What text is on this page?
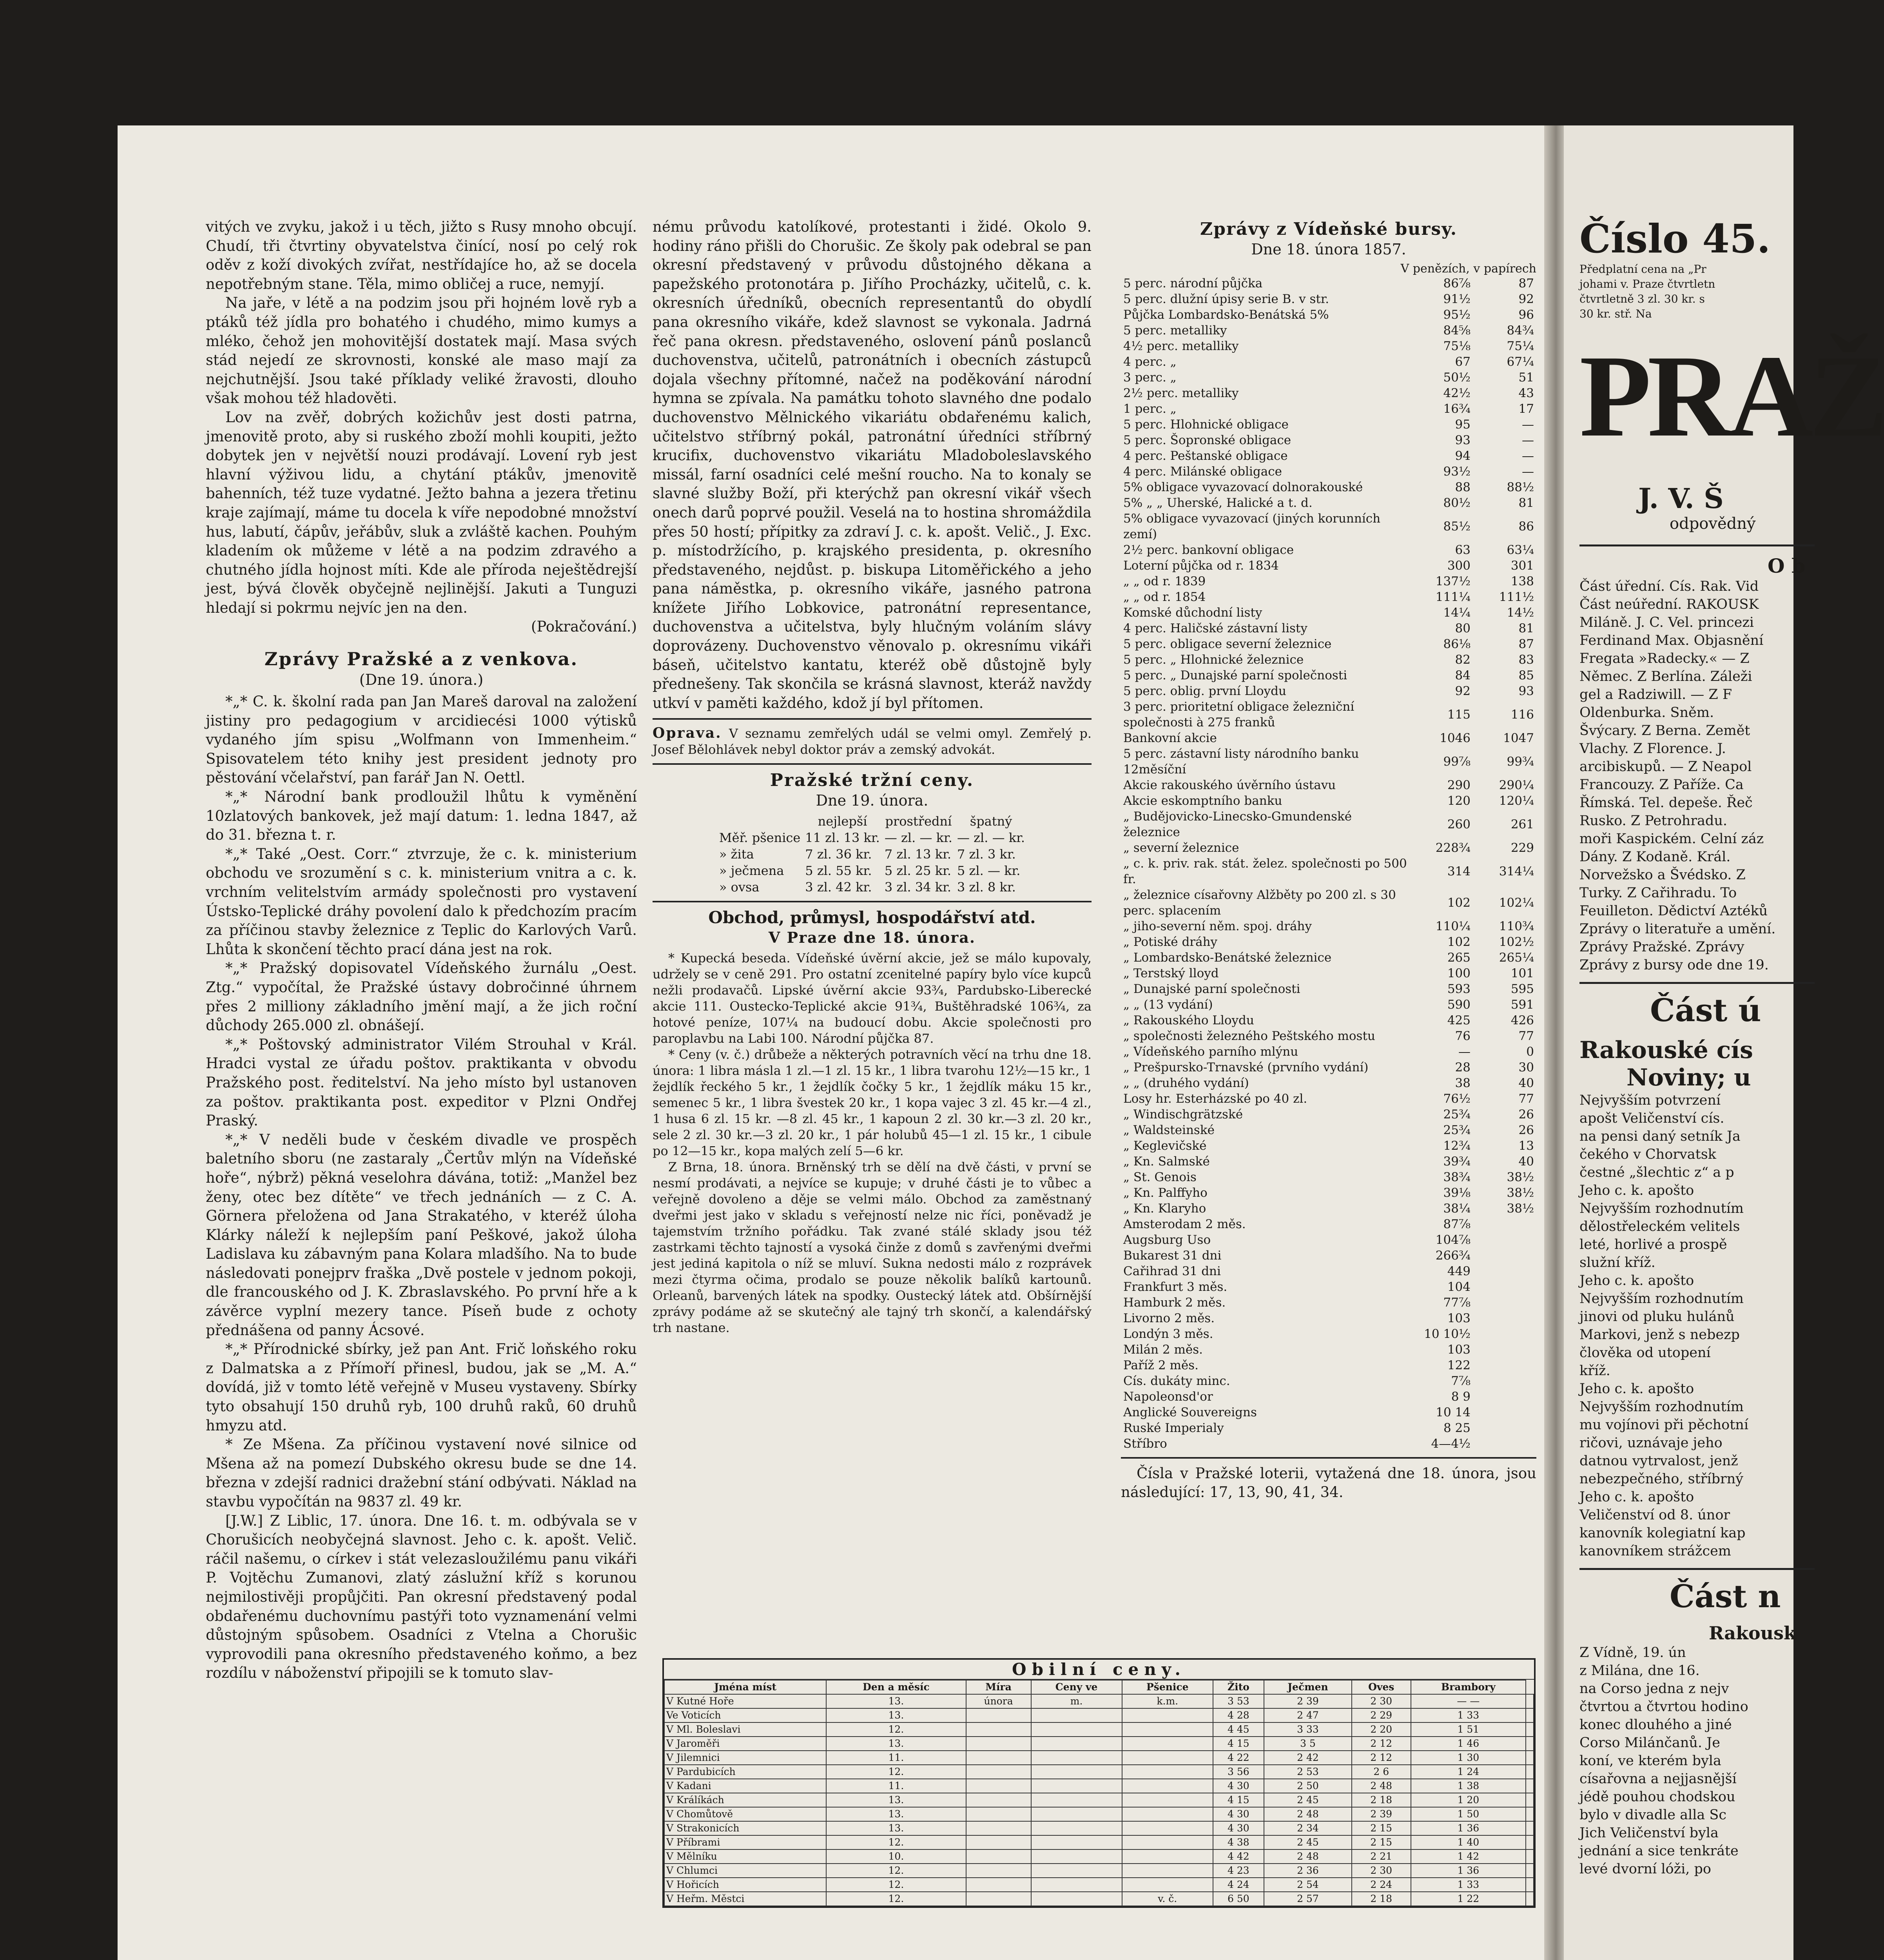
vitých ve zvyku, jakož i u těch, jižto s Rusy mnoho obcují. Chudí, tři čtvrtiny obyvatelstva činící, nosí po celý rok oděv z koží divokých zvířat, nestřídajíce ho, až se docela nepotřebným stane. Těla, mimo obličej a ruce, nemyjí.

Na jaře, v létě a na podzim jsou při hojném lově ryb a ptáků též jídla pro bohatého i chudého, mimo kumys a mléko, čehož jen mohovitější dostatek mají. Masa svých stád nejedí ze skrovnosti, konské ale maso mají za nejchutnější. Jsou také příklady veliké žravosti, dlouho však mohou též hladověti.

Lov na zvěř, dobrých kožichův jest dosti patrna, jmenovitě proto, aby si ruského zboží mohli koupiti, ježto dobytek jen v největší nouzi prodávají. Lovení ryb jest hlavní výživou lidu, a chytání ptákův, jmenovitě bahenních, též tuze vydatné. Ježto bahna a jezera třetinu kraje zajímají, máme tu docela k víře nepodobné množství hus, labutí, čápův, jeřábův, sluk a zvláště kachen. Pouhým kladením ok můžeme v létě a na podzim zdravého a chutného jídla hojnost míti. Kde ale příroda neještědrejší jest, bývá člověk obyčejně nejlinější. Jakuti a Tunguzi hledají si pokrmu nejvíc jen na den.

(Pokračování.)

Zprávy Pražské a z venkova.
(Dne 19. února.)

*„* C. k. školní rada pan Jan Mareš daroval na založení jistiny pro pedagogium v arcidiecési 1000 výtisků vydaného jím spisu „Wolfmann von Immenheim.“ Spisovatelem této knihy jest president jednoty pro pěstování včelařství, pan farář Jan N. Oettl.

*„* Národní bank prodloužil lhůtu k vyměnění 10zlatových bankovek, jež mají datum: 1. ledna 1847, až do 31. března t. r.

*„* Také „Oest. Corr.“ ztvrzuje, že c. k. ministerium obchodu ve srozumění s c. k. ministerium vnitra a c. k. vrchním velitelstvím armády společnosti pro vystavení Ústsko-Teplické dráhy povolení dalo k předchozím pracím za příčinou stavby železnice z Teplic do Karlových Varů. Lhůta k skončení těchto prací dána jest na rok.

*„* Pražský dopisovatel Vídeňského žurnálu „Oest. Ztg.“ vypočítal, že Pražské ústavy dobročinné úhrnem přes 2 milliony základního jmění mají, a že jich roční důchody 265.000 zl. obnášejí.

*„* Poštovský administrator Vilém Strouhal v Král. Hradci vystal ze úřadu poštov. praktikanta v obvodu Pražského post. ředitelství. Na jeho místo byl ustanoven za poštov. praktikanta post. expeditor v Plzni Ondřej Praský.

*„* V neděli bude v českém divadle ve prospěch baletního sboru (ne zastaraly „Čertův mlýn na Vídeňské hoře“, nýbrž) pěkná veselohra dávána, totiž: „Manžel bez ženy, otec bez dítěte“ ve třech jednáních — z C. A. Görnera přeložena od Jana Strakatého, v kteréž úloha Klárky náleží k nejlepším paní Peškové, jakož úloha Ladislava ku zábavným pana Kolara mladšího. Na to bude následovati ponejprv fraška „Dvě postele v jednom pokoji, dle francouského od J. K. Zbraslavského. Po první hře a k závěrce vyplní mezery tance. Píseň bude z ochoty přednášena od panny Ácsové.

*„* Přírodnické sbírky, jež pan Ant. Frič loňského roku z Dalmatska a z Přímoří přinesl, budou, jak se „M. A.“ dovídá, již v tomto létě veřejně v Museu vystaveny. Sbírky tyto obsahují 150 druhů ryb, 100 druhů raků, 60 druhů hmyzu atd.

* Ze Mšena. Za příčinou vystavení nové silnice od Mšena až na pomezí Dubského okresu bude se dne 14. března v zdejší radnici dražební stání odbývati. Náklad na stavbu vypočítán na 9837 zl. 49 kr.

[J.W.] Z Liblic, 17. února. Dne 16. t. m. odbývala se v Chorušicích neobyčejná slavnost. Jeho c. k. apošt. Velič. ráčil našemu, o církev i stát velezasloužilému panu vikáři P. Vojtěchu Zumanovi, zlatý záslužní kříž s korunou nejmilostivěji propůjčiti. Pan okresní představený podal obdařenému duchovnímu pastýři toto vyznamenání velmi důstojným spůsobem. Osadníci z Vtelna a Chorušic vyprovodili pana okresního představeného koňmo, a bez rozdílu v náboženství připojili se k tomuto slav-

nému průvodu katolíkové, protestanti i židé. Okolo 9. hodiny ráno přišli do Chorušic. Ze školy pak odebral se pan okresní představený v průvodu důstojného děkana a papežského protonotára p. Jiřího Procházky, učitelů, c. k. okresních úředníků, obecních representantů do obydlí pana okresního vikáře, kdež slavnost se vykonala. Jadrná řeč pana okresn. představeného, oslovení pánů poslanců duchovenstva, učitelů, patronátních i obecních zástupců dojala všechny přítomné, načež na poděkování národní hymna se zpívala. Na památku tohoto slavného dne podalo duchovenstvo Mělnického vikariátu obdařenému kalich, učitelstvo stříbrný pokál, patronátní úředníci stříbrný krucifix, duchovenstvo vikariátu Mladoboleslavského missál, farní osadníci celé mešní roucho. Na to konaly se slavné služby Boží, při kterýchž pan okresní vikář všech onech darů poprvé použil. Veselá na to hostina shromáždila přes 50 hostí; přípitky za zdraví J. c. k. apošt. Velič., J. Exc. p. místodržícího, p. krajského presidenta, p. okresního představeného, nejdůst. p. biskupa Litoměřického a jeho pana náměstka, p. okresního vikáře, jasného patrona knížete Jiřího Lobkovice, patronátní representance, duchovenstva a učitelstva, byly hlučným voláním slávy doprovázeny. Duchovenstvo věnovalo p. okresnímu vikáři báseň, učitelstvo kantatu, kteréž obě důstojně byly přednešeny. Tak skončila se krásná slavnost, kteráž navždy utkví v paměti každého, kdož jí byl přítomen.

Oprava. V seznamu zemřelých udál se velmi omyl. Zemřelý p. Josef Bělohlávek nebyl doktor práv a zemský advokát.

Pražské tržní ceny.
Dne 19. února.
	nejlepší	prostřední	špatný
Měř. pšenice	11 zl. 13 kr.	— zl. — kr.	— zl. — kr.
» žita	7 zl. 36 kr.	7 zl. 13 kr.	7 zl. 3 kr.
» ječmena	5 zl. 55 kr.	5 zl. 25 kr.	5 zl. — kr.
» ovsa	3 zl. 42 kr.	3 zl. 34 kr.	3 zl. 8 kr.
Obchod, průmysl, hospodářství atd.
V Praze dne 18. února.

* Kupecká beseda. Vídeňské úvěrní akcie, jež se málo kupovaly, udržely se v ceně 291. Pro ostatní zcenitelné papíry bylo více kupců nežli prodavačů. Lipské úvěrní akcie 93¾, Pardubsko-Liberecké akcie 111. Oustecko-Teplické akcie 91¾, Buštěhradské 106¾, za hotové peníze, 107¼ na budoucí dobu. Akcie společnosti pro paroplavbu na Labi 100. Národní půjčka 87.

* Ceny (v. č.) drůbeže a některých potravních věcí na trhu dne 18. února: 1 libra másla 1 zl.—1 zl. 15 kr., 1 libra tvarohu 12½—15 kr., 1 žejdlík řeckého 5 kr., 1 žejdlík čočky 5 kr., 1 žejdlík máku 15 kr., semenec 5 kr., 1 libra švestek 20 kr., 1 kopa vajec 3 zl. 45 kr.—4 zl., 1 husa 6 zl. 15 kr. —8 zl. 45 kr., 1 kapoun 2 zl. 30 kr.—3 zl. 20 kr., sele 2 zl. 30 kr.—3 zl. 20 kr., 1 pár holubů 45—1 zl. 15 kr., 1 cibule po 12—15 kr., kopa malých zelí 5—6 kr.

Z Brna, 18. února. Brněnský trh se dělí na dvě části, v první se nesmí prodávati, a nejvíce se kupuje; v druhé části je to vůbec a veřejně dovoleno a děje se velmi málo. Obchod za zaměstnaný dveřmi jest jako v skladu s veřejností nelze nic říci, poněvadž je tajemstvím tržního pořádku. Tak zvané stálé sklady jsou též zastrkami těchto tajností a vysoká činže z domů s zavřenými dveřmi jest jediná kapitola o níž se mluví. Sukna nedosti málo z rozprávek mezi čtyrma očima, prodalo se pouze několik balíků kartounů. Orleanů, barvených látek na spodky. Oustecký látek atd. Obšírnější zprávy podáme až se skutečný ale tajný trh skončí, a kalendářský trh nastane.

Zprávy z Vídeňské bursy.
Dne 18. února 1857.
V penězích, v papírech
5 perc. národní půjčka	86⅞	87
5 perc. dlužní úpisy serie B. v str.	91½	92
Půjčka Lombardsko-Benátská 5%	95½	96
5 perc. metalliky	84⅝	84¾
4½ perc. metalliky	75⅛	75¼
4 perc. „	67	67¼
3 perc. „	50½	51
2½ perc. metalliky	42½	43
1 perc. „	16¾	17
5 perc. Hlohnické obligace	95	—
5 perc. Šopronské obligace	93	—
4 perc. Peštanské obligace	94	—
4 perc. Milánské obligace	93½	—
5% obligace vyvazovací dolnorakouské	88	88½
5% „ „ Uherské, Halické a t. d.	80½	81
5% obligace vyvazovací (jiných korunních zemí)	85½	86
2½ perc. bankovní obligace	63	63¼
Loterní půjčka od r. 1834	300	301
„ „ od r. 1839	137½	138
„ „ od r. 1854	111¼	111½
Komské důchodní listy	14¼	14½
4 perc. Haličské zástavní listy	80	81
5 perc. obligace severní železnice	86⅛	87
5 perc. „ Hlohnické železnice	82	83
5 perc. „ Dunajské parní společnosti	84	85
5 perc. oblig. první Lloydu	92	93
3 perc. prioritetní obligace železniční společnosti à 275 franků	115	116
Bankovní akcie	1046	1047
5 perc. zástavní listy národního banku 12měsíční	99⅞	99¾
Akcie rakouského úvěrního ústavu	290	290¼
Akcie eskomptního banku	120	120¼
„ Budějovicko-Linecsko-Gmundenské železnice	260	261
„ severní železnice	228¾	229
„ c. k. priv. rak. stát. želez. společnosti po 500 fr.	314	314¼
„ železnice císařovny Alžběty po 200 zl. s 30 perc. splacením	102	102¼
„ jiho-severní něm. spoj. dráhy	110¼	110¾
„ Potiské dráhy	102	102½
„ Lombardsko-Benátské železnice	265	265¼
„ Terstský lloyd	100	101
„ Dunajské parní společnosti	593	595
„ „ (13 vydání)	590	591
„ Rakouského Lloydu	425	426
„ společnosti železného Peštského mostu	76	77
„ Vídeňského parního mlýnu	—	0
„ Prešpursko-Trnavské (prvního vydání)	28	30
„ „ (druhého vydání)	38	40
Losy hr. Esterházské po 40 zl.	76½	77
„ Windischgrätzské	25¾	26
„ Waldsteinské	25¾	26
„ Keglevičské	12¾	13
„ Kn. Salmské	39¾	40
„ St. Genois	38¾	38½
„ Kn. Palffyho	39⅛	38½
„ Kn. Klaryho	38¼	38½
Amsterodam 2 měs.	87⅞	
Augsburg Uso	104⅞	
Bukarest 31 dni	266¾	
Cařihrad 31 dni	449	
Frankfurt 3 měs.	104	
Hamburk 2 měs.	77⅞	
Livorno 2 měs.	103	
Londýn 3 měs.	10 10½	
Milán 2 měs.	103	
Paříž 2 měs.	122	
Cís. dukáty minc.	7⅞	
Napoleonsd'or	8 9	
Anglické Souvereigns	10 14	
Ruské Imperialy	8 25	
Stříbro	4—4½	

Čísla v Pražské loterii, vytažená dne 18. února, jsou následující: 17, 13, 90, 41, 34.

Obilní ceny.
Jména míst	Den a měsíc	Míra	Ceny ve	Pšenice	Žito	Ječmen	Oves	Brambory	
V Kutné Hoře	13.	února	m.	k.m.	3 53	2 39	2 30	— —	
Ve Voticích	13.				4 28	2 47	2 29	1 33	
V Ml. Boleslavi	12.				4 45	3 33	2 20	1 51	
V Jaroměři	13.				4 15	3 5	2 12	1 46	
V Jilemnici	11.				4 22	2 42	2 12	1 30	
V Pardubicích	12.				3 56	2 53	2 6	1 24	
V Kadani	11.				4 30	2 50	2 48	1 38	
V Králíkách	13.				4 15	2 45	2 18	1 20	
V Chomůtově	13.				4 30	2 48	2 39	1 50	
V Strakonicích	13.				4 30	2 34	2 15	1 36	
V Příbrami	12.				4 38	2 45	2 15	1 40	
V Mělníku	10.				4 42	2 48	2 21	1 42	
V Chlumci	12.				4 23	2 36	2 30	1 36	
V Hořicích	12.				4 24	2 54	2 24	1 33	
V Heřm. Městci	12.			v. č.	6 50	2 57	2 18	1 22	

Číslo 45.

Předplatní cena na „Pr

johami v. Praze čtvrtletn

čtvrtletně 3 zl. 30 kr. s

30 kr. stř. Na

PRAŽ
J. V. Š
odpovědný
O b

Část úřední. Cís. Rak. Vid

Část neúřední. RAKOUSK

Miláně. J. C. Vel. princezi

Ferdinand Max. Objasnění

Fregata »Radecky.« — Z

Němec. Z Berlína. Záleži

gel a Radziwill. — Z F

Oldenburka. Sněm.

Švýcary. Z Berna. Zemět

Vlachy. Z Florence. J.

arcibiskupů. — Z Neapol

Francouzy. Z Paříže. Ca

Římská. Tel. depeše. Řeč

Rusko. Z Petrohradu.

moři Kaspickém. Celní záz

Dány. Z Kodaně. Král.

Norvežsko a Švédsko. Z

Turky. Z Cařihradu. To

Feuilleton. Dědictví Aztéků

Zprávy o literatuře a umění.

Zprávy Pražské. Zprávy

Zprávy z bursy ode dne 19.

Část ú
Rakouské cís
Noviny; u

Nejvyšším potvrzení

apošt Veličenství cís.

na pensi daný setník Ja

čekého v Chorvatsk

čestné „šlechtic z“ a p

Jeho c. k. apošto

Nejvyšším rozhodnutím

dělostřeleckém velitels

leté, horlivé a prospě

služní kříž.

Jeho c. k. apošto

Nejvyšším rozhodnutím

jinovi od pluku hulánů

Markovi, jenž s nebezp

člověka od utopení

kříž.

Jeho c. k. apošto

Nejvyšším rozhodnutím

mu vojínovi při pěchotní

ričovi, uznávaje jeho

datnou vytrvalost, jenž

nebezpečného, stříbrný

Jeho c. k. apošto

Veličenství od 8. únor

kanovník kolegiatní kap

kanovníkem strážcem

Část n
Rakousk

Z Vídně, 19. ún

z Milána, dne 16.

na Corso jedna z nejv

čtvrtou a čtvrtou hodino

konec dlouhého a jiné

Corso Milánčanů. Je

koní, ve kterém byla

císařovna a nejjasnější

jédě pouhou chodskou

bylo v divadle alla Sc

Jich Veličenství byla

jednání a sice tenkráte

levé dvorní lóži, po
